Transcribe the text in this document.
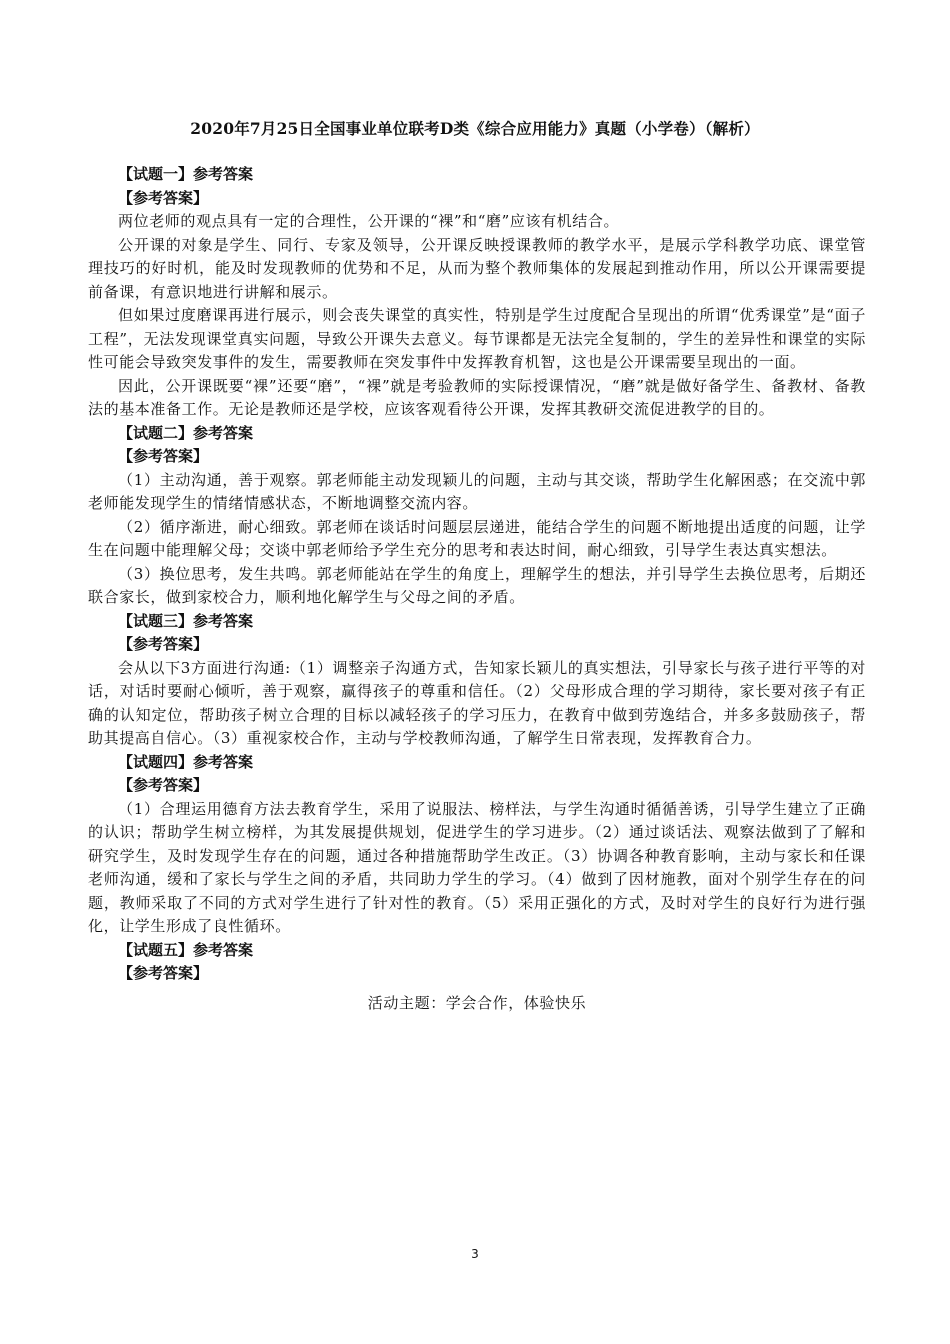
2020年7月25日全国事业单位联考D类《综合应用能力》真题（小学卷）（解析）

【试题一】参考答案

【参考答案】

两位老师的观点具有一定的合理性，公开课的“裸”和“磨”应该有机结合。

公开课的对象是学生、同行、专家及领导，公开课反映授课教师的教学水平，是展示学科教学功底、课堂管理技巧的好时机，能及时发现教师的优势和不足，从而为整个教师集体的发展起到推动作用，所以公开课需要提前备课，有意识地进行讲解和展示。

但如果过度磨课再进行展示，则会丧失课堂的真实性，特别是学生过度配合呈现出的所谓“优秀课堂”是“面子工程”，无法发现课堂真实问题，导致公开课失去意义。每节课都是无法完全复制的，学生的差异性和课堂的实际性可能会导致突发事件的发生，需要教师在突发事件中发挥教育机智，这也是公开课需要呈现出的一面。

因此，公开课既要“裸”还要“磨”，“裸”就是考验教师的实际授课情况，“磨”就是做好备学生、备教材、备教法的基本准备工作。无论是教师还是学校，应该客观看待公开课，发挥其教研交流促进教学的目的。

【试题二】参考答案

【参考答案】

（1）主动沟通，善于观察。郭老师能主动发现颖儿的问题，主动与其交谈，帮助学生化解困惑；在交流中郭老师能发现学生的情绪情感状态，不断地调整交流内容。

（2）循序渐进，耐心细致。郭老师在谈话时问题层层递进，能结合学生的问题不断地提出适度的问题，让学生在问题中能理解父母；交谈中郭老师给予学生充分的思考和表达时间，耐心细致，引导学生表达真实想法。

（3）换位思考，发生共鸣。郭老师能站在学生的角度上，理解学生的想法，并引导学生去换位思考，后期还联合家长，做到家校合力，顺利地化解学生与父母之间的矛盾。

【试题三】参考答案

【参考答案】

会从以下3方面进行沟通:（1）调整亲子沟通方式，告知家长颖儿的真实想法，引导家长与孩子进行平等的对话，对话时要耐心倾听，善于观察，赢得孩子的尊重和信任。（2）父母形成合理的学习期待，家长要对孩子有正确的认知定位，帮助孩子树立合理的目标以减轻孩子的学习压力，在教育中做到劳逸结合，并多多鼓励孩子，帮助其提高自信心。（3）重视家校合作，主动与学校教师沟通，了解学生日常表现，发挥教育合力。

【试题四】参考答案

【参考答案】

（1）合理运用德育方法去教育学生，采用了说服法、榜样法，与学生沟通时循循善诱，引导学生建立了正确的认识；帮助学生树立榜样，为其发展提供规划，促进学生的学习进步。（2）通过谈话法、观察法做到了了解和研究学生，及时发现学生存在的问题，通过各种措施帮助学生改正。（3）协调各种教育影响，主动与家长和任课老师沟通，缓和了家长与学生之间的矛盾，共同助力学生的学习。（4）做到了因材施教，面对个别学生存在的问题，教师采取了不同的方式对学生进行了针对性的教育。（5）采用正强化的方式，及时对学生的良好行为进行强化，让学生形成了良性循环。

【试题五】参考答案

【参考答案】

活动主题：学会合作，体验快乐

3
